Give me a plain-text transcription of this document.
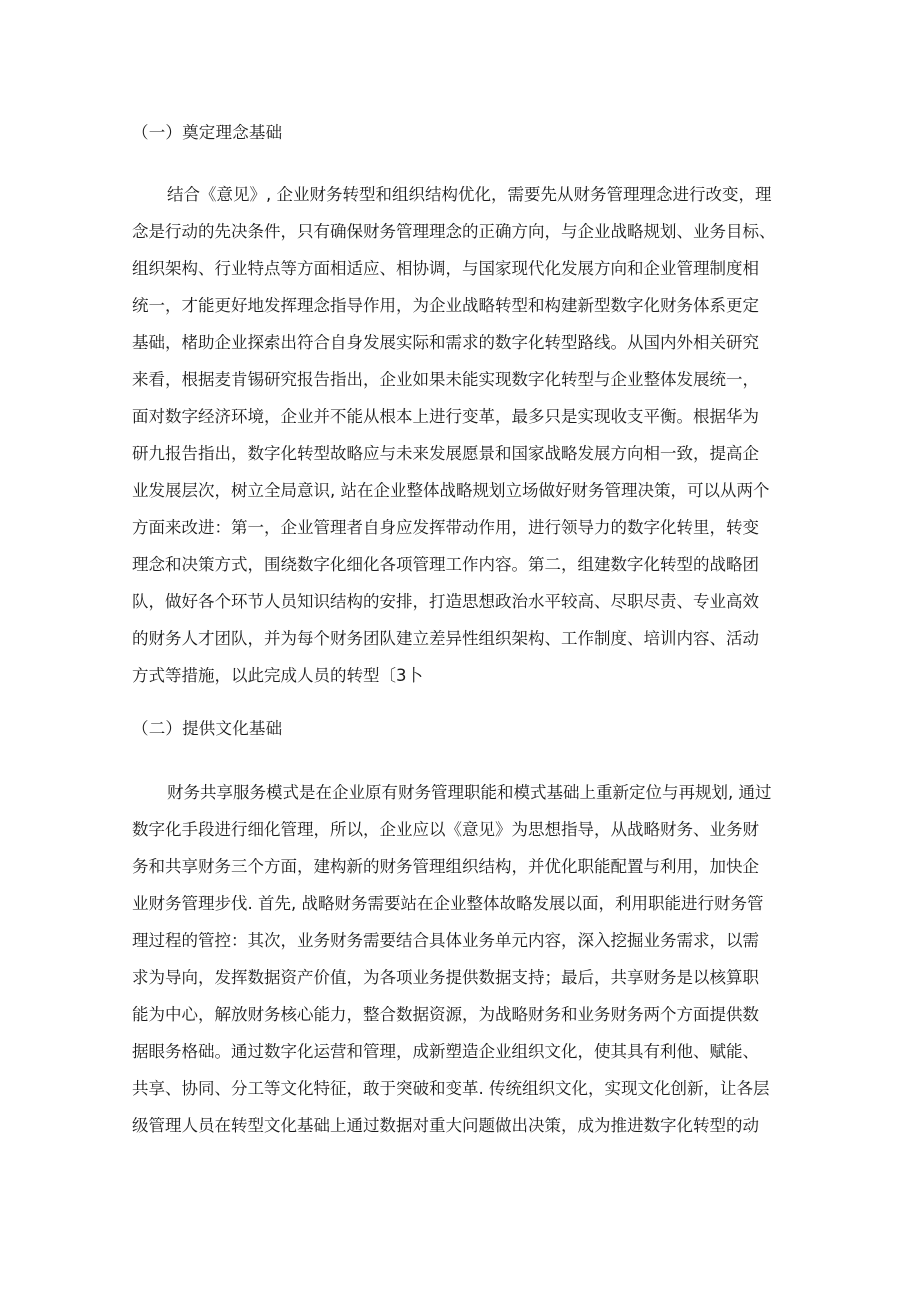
（一）奠定理念基础
结合《意见》, 企业财务转型和组织结构优化，需要先从财务管理理念进行改变，理
念是行动的先决条件，只有确保财务管理理念的正确方向，与企业战略规划、业务目标、
组织架构、行业特点等方面相适应、相协调，与国家现代化发展方向和企业管理制度相
统一，才能更好地发挥理念指导作用，为企业战略转型和构建新型数字化财务体系更定
基础，楮助企业探索出符合自身发展实际和需求的数字化转型路线。从国内外相关研究
来看，根据麦肯锡研究报告指出，企业如果未能实现数字化转型与企业整体发展统一，
面对数字经济环境，企业并不能从根本上进行变革，最多只是实现收支平衡。根据华为
研九报告指出，数字化转型故略应与未来发展愿景和国家战略发展方向相一致，提高企
业发展层次，树立全局意识, 站在企业整体战略规划立场做好财务管理决策，可以从两个
方面来改进：第一，企业管理者自身应发挥带动作用，进行领导力的数字化转里，转变
理念和决策方式，围绕数字化细化各项管理工作内容。第二，组建数字化转型的战略团
队，做好各个环节人员知识结构的安排，打造思想政治水平较高、尽职尽责、专业高效
的财务人才团队，并为每个财务团队建立差异性组织架构、工作制度、培训内容、活动
方式等措施，以此完成人员的转型〔3卜
（二）提供文化基础
财务共享服务模式是在企业原有财务管理职能和模式基础上重新定位与再规划, 通过
数字化手段进行细化管理，所以，企业应以《意见》为思想指导，从战略财务、业务财
务和共享财务三个方面，建构新的财务管理组织结构，并优化职能配置与利用，加快企
业财务管理步伐. 首先, 战略财务需要站在企业整体故略发展以面，利用职能进行财务管
理过程的管控：其次，业务财务需要结合具体业务单元内容，深入挖掘业务需求，以需
求为导向，发挥数据资产价值，为各项业务提供数据支持；最后，共享财务是以核算职
能为中心，解放财务核心能力，整合数据资源，为战略财务和业务财务两个方面提供数
据眼务格础。通过数字化运营和管理，成新塑造企业组织文化，使其具有利他、赋能、
共享、协同、分工等文化特征，敢于突破和变革. 传统组织文化，实现文化创新，让各层
级管理人员在转型文化基础上通过数据对重大问题做出决策，成为推进数字化转型的动
